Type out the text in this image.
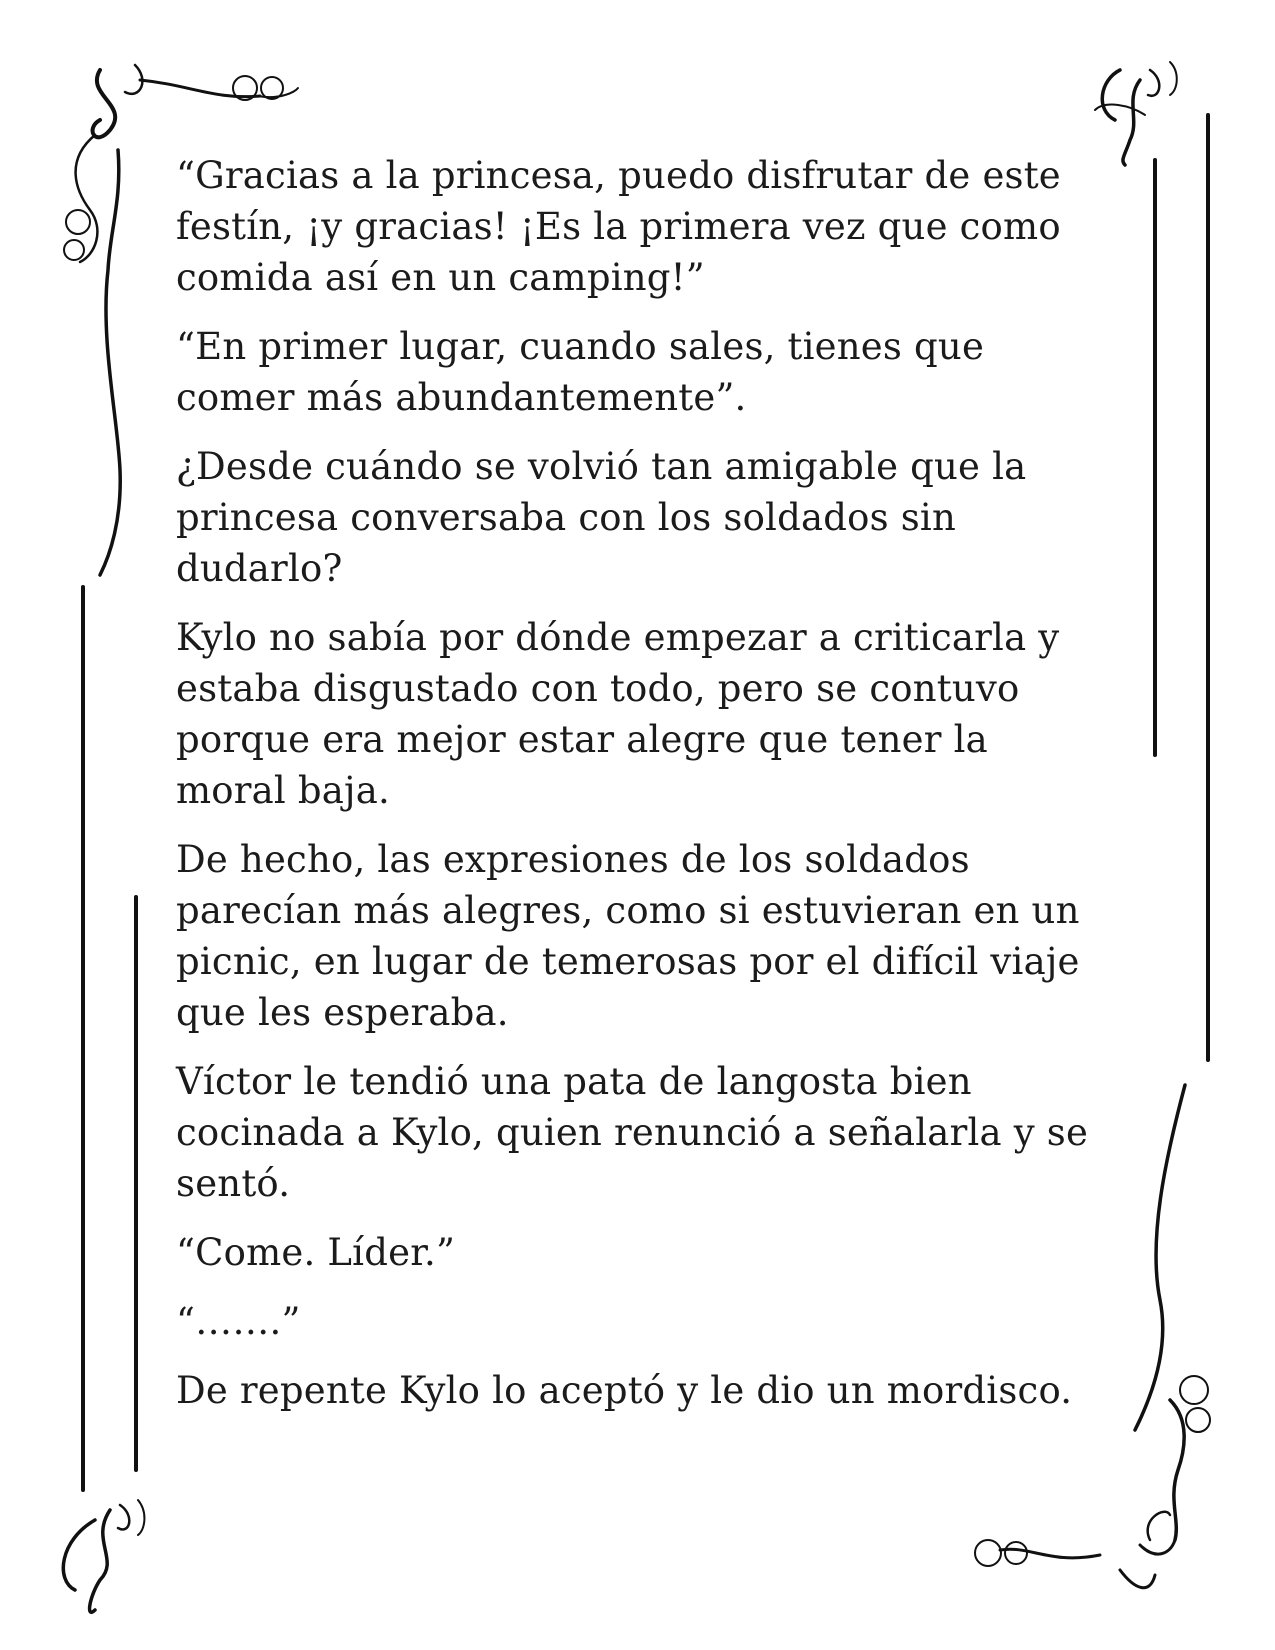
“Gracias a la princesa, puedo disfrutar de este festín, ¡y gracias! ¡Es la primera vez que como comida así en un camping!”

“En primer lugar, cuando sales, tienes que comer más abundantemente”.

¿Desde cuándo se volvió tan amigable que la princesa conversaba con los soldados sin dudarlo?

Kylo no sabía por dónde empezar a criticarla y estaba disgustado con todo, pero se contuvo porque era mejor estar alegre que tener la moral baja.

De hecho, las expresiones de los soldados parecían más alegres, como si estuvieran en un picnic, en lugar de temerosas por el difícil viaje que les esperaba.

Víctor le tendió una pata de langosta bien cocinada a Kylo, quien renunció a señalarla y se sentó.

“Come. Líder.”

“…….”

De repente Kylo lo aceptó y le dio un mordisco.
